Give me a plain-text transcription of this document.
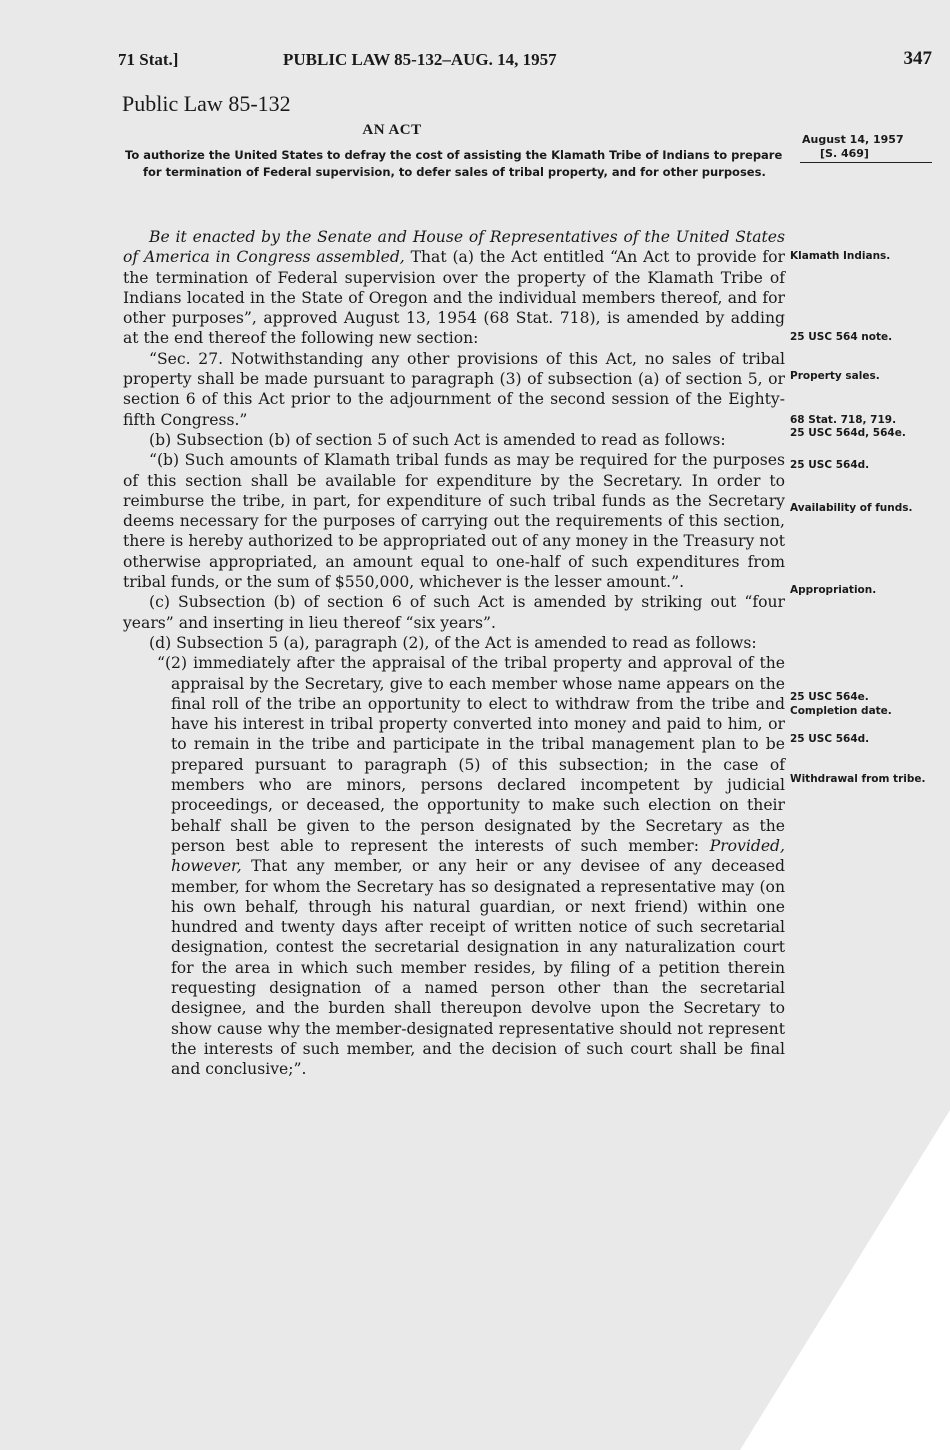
71 Stat.]	PUBLIC LAW 85-132–AUG. 14, 1957	347
Public Law 85-132
AN ACT
To authorize the United States to defray the cost of assisting the Klamath Tribe of Indians to prepare for termination of Federal supervision, to defer sales of tribal property, and for other purposes.
August 14, 1957
[S. 469]

Be it enacted by the Senate and House of Representatives of the United States of America in Congress assembled, That (a) the Act entitled “An Act to provide for the termination of Federal supervision over the property of the Klamath Tribe of Indians located in the State of Oregon and the individual members thereof, and for other purposes”, approved August 13, 1954 (68 Stat. 718), is amended by adding at the end thereof the following new section:

“Sec. 27. Notwithstanding any other provisions of this Act, no sales of tribal property shall be made pursuant to paragraph (3) of subsection (a) of section 5, or section 6 of this Act prior to the adjournment of the second session of the Eighty-fifth Congress.”

(b) Subsection (b) of section 5 of such Act is amended to read as follows:

“(b) Such amounts of Klamath tribal funds as may be required for the purposes of this section shall be available for expenditure by the Secretary. In order to reimburse the tribe, in part, for expenditure of such tribal funds as the Secretary deems necessary for the purposes of carrying out the requirements of this section, there is hereby authorized to be appropriated out of any money in the Treasury not otherwise appropriated, an amount equal to one-half of such expenditures from tribal funds, or the sum of $550,000, whichever is the lesser amount.”.

(c) Subsection (b) of section 6 of such Act is amended by striking out “four years” and inserting in lieu thereof “six years”.

(d) Subsection 5 (a), paragraph (2), of the Act is amended to read as follows:

“(2) immediately after the appraisal of the tribal property and approval of the appraisal by the Secretary, give to each member whose name appears on the final roll of the tribe an opportunity to elect to withdraw from the tribe and have his interest in tribal property converted into money and paid to him, or to remain in the tribe and participate in the tribal management plan to be prepared pursuant to paragraph (5) of this subsection; in the case of members who are minors, persons declared incompetent by judicial proceedings, or deceased, the opportunity to make such election on their behalf shall be given to the person designated by the Secretary as the person best able to represent the interests of such member: Provided, however, That any member, or any heir or any devisee of any deceased member, for whom the Secretary has so designated a representative may (on his own behalf, through his natural guardian, or next friend) within one hundred and twenty days after receipt of written notice of such secretarial designation, contest the secretarial designation in any naturalization court for the area in which such member resides, by filing of a petition therein requesting designation of a named person other than the secretarial designee, and the burden shall thereupon devolve upon the Secretary to show cause why the member-designated representative should not represent the interests of such member, and the decision of such court shall be final and conclusive;”.

Klamath Indians.
25 USC 564 note.
Property sales.
68 Stat. 718, 719.
25 USC 564d, 564e.
25 USC 564d.
Availability of funds.
Appropriation.
25 USC 564e.
Completion date.
25 USC 564d.
Withdrawal from tribe.
